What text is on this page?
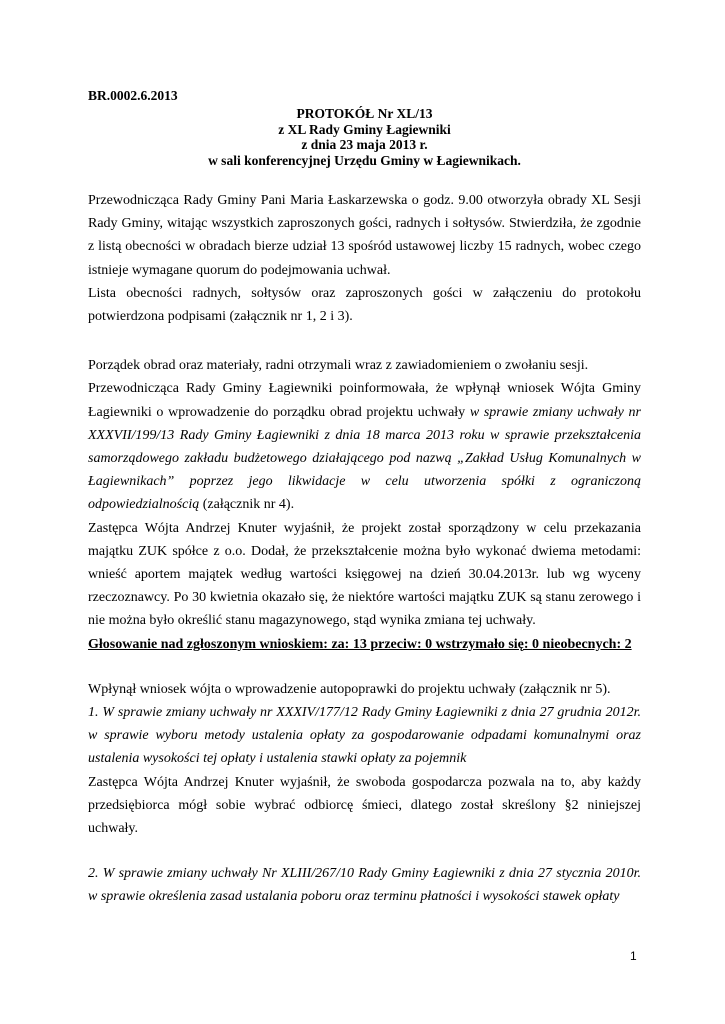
BR.0002.6.2013
PROTOKÓŁ Nr XL/13
z XL Rady Gminy Łagiewniki
z dnia 23 maja 2013 r.
w sali konferencyjnej Urzędu Gminy w Łagiewnikach.

Przewodnicząca Rady Gminy Pani Maria Łaskarzewska o godz. 9.00 otworzyła obrady XL Sesji Rady Gminy, witając wszystkich zaproszonych gości, radnych i sołtysów. Stwierdziła, że zgodnie z listą obecności w obradach bierze udział 13 spośród ustawowej liczby 15 radnych, wobec czego istnieje wymagane quorum do podejmowania uchwał.

Lista obecności radnych, sołtysów oraz zaproszonych gości w załączeniu do protokołu potwierdzona podpisami (załącznik nr 1, 2 i 3).

Porządek obrad oraz materiały, radni otrzymali wraz z zawiadomieniem o zwołaniu sesji.

Przewodnicząca Rady Gminy Łagiewniki poinformowała, że wpłynął wniosek Wójta Gminy Łagiewniki o wprowadzenie do porządku obrad projektu uchwały w sprawie zmiany uchwały nr XXXVII/199/13 Rady Gminy Łagiewniki z dnia 18 marca 2013 roku w sprawie przekształcenia samorządowego zakładu budżetowego działającego pod nazwą „Zakład Usług Komunalnych w Łagiewnikach” poprzez jego likwidacje w celu utworzenia spółki z ograniczoną odpowiedzialnością (załącznik nr 4).

Zastępca Wójta Andrzej Knuter wyjaśnił, że projekt został sporządzony w celu przekazania majątku ZUK spółce z o.o. Dodał, że przekształcenie można było wykonać dwiema metodami: wnieść aportem majątek według wartości księgowej na dzień 30.04.2013r. lub wg wyceny rzeczoznawcy. Po 30 kwietnia okazało się, że niektóre wartości majątku ZUK są stanu zerowego i nie można było określić stanu magazynowego, stąd wynika zmiana tej uchwały.

Głosowanie nad zgłoszonym wnioskiem: za: 13 przeciw: 0 wstrzymało się: 0 nieobecnych: 2

Wpłynął wniosek wójta o wprowadzenie autopoprawki do projektu uchwały (załącznik nr 5).

1. W sprawie zmiany uchwały nr XXXIV/177/12 Rady Gminy Łagiewniki z dnia 27 grudnia 2012r. w sprawie wyboru metody ustalenia opłaty za gospodarowanie odpadami komunalnymi oraz ustalenia wysokości tej opłaty i ustalenia stawki opłaty za pojemnik

Zastępca Wójta Andrzej Knuter wyjaśnił, że swoboda gospodarcza pozwala na to, aby każdy przedsiębiorca mógł sobie wybrać odbiorcę śmieci, dlatego został skreślony §2 niniejszej uchwały.

2. W sprawie zmiany uchwały Nr XLIII/267/10 Rady Gminy Łagiewniki z dnia 27 stycznia 2010r. w sprawie określenia zasad ustalania poboru oraz terminu płatności i wysokości stawek opłaty

1
